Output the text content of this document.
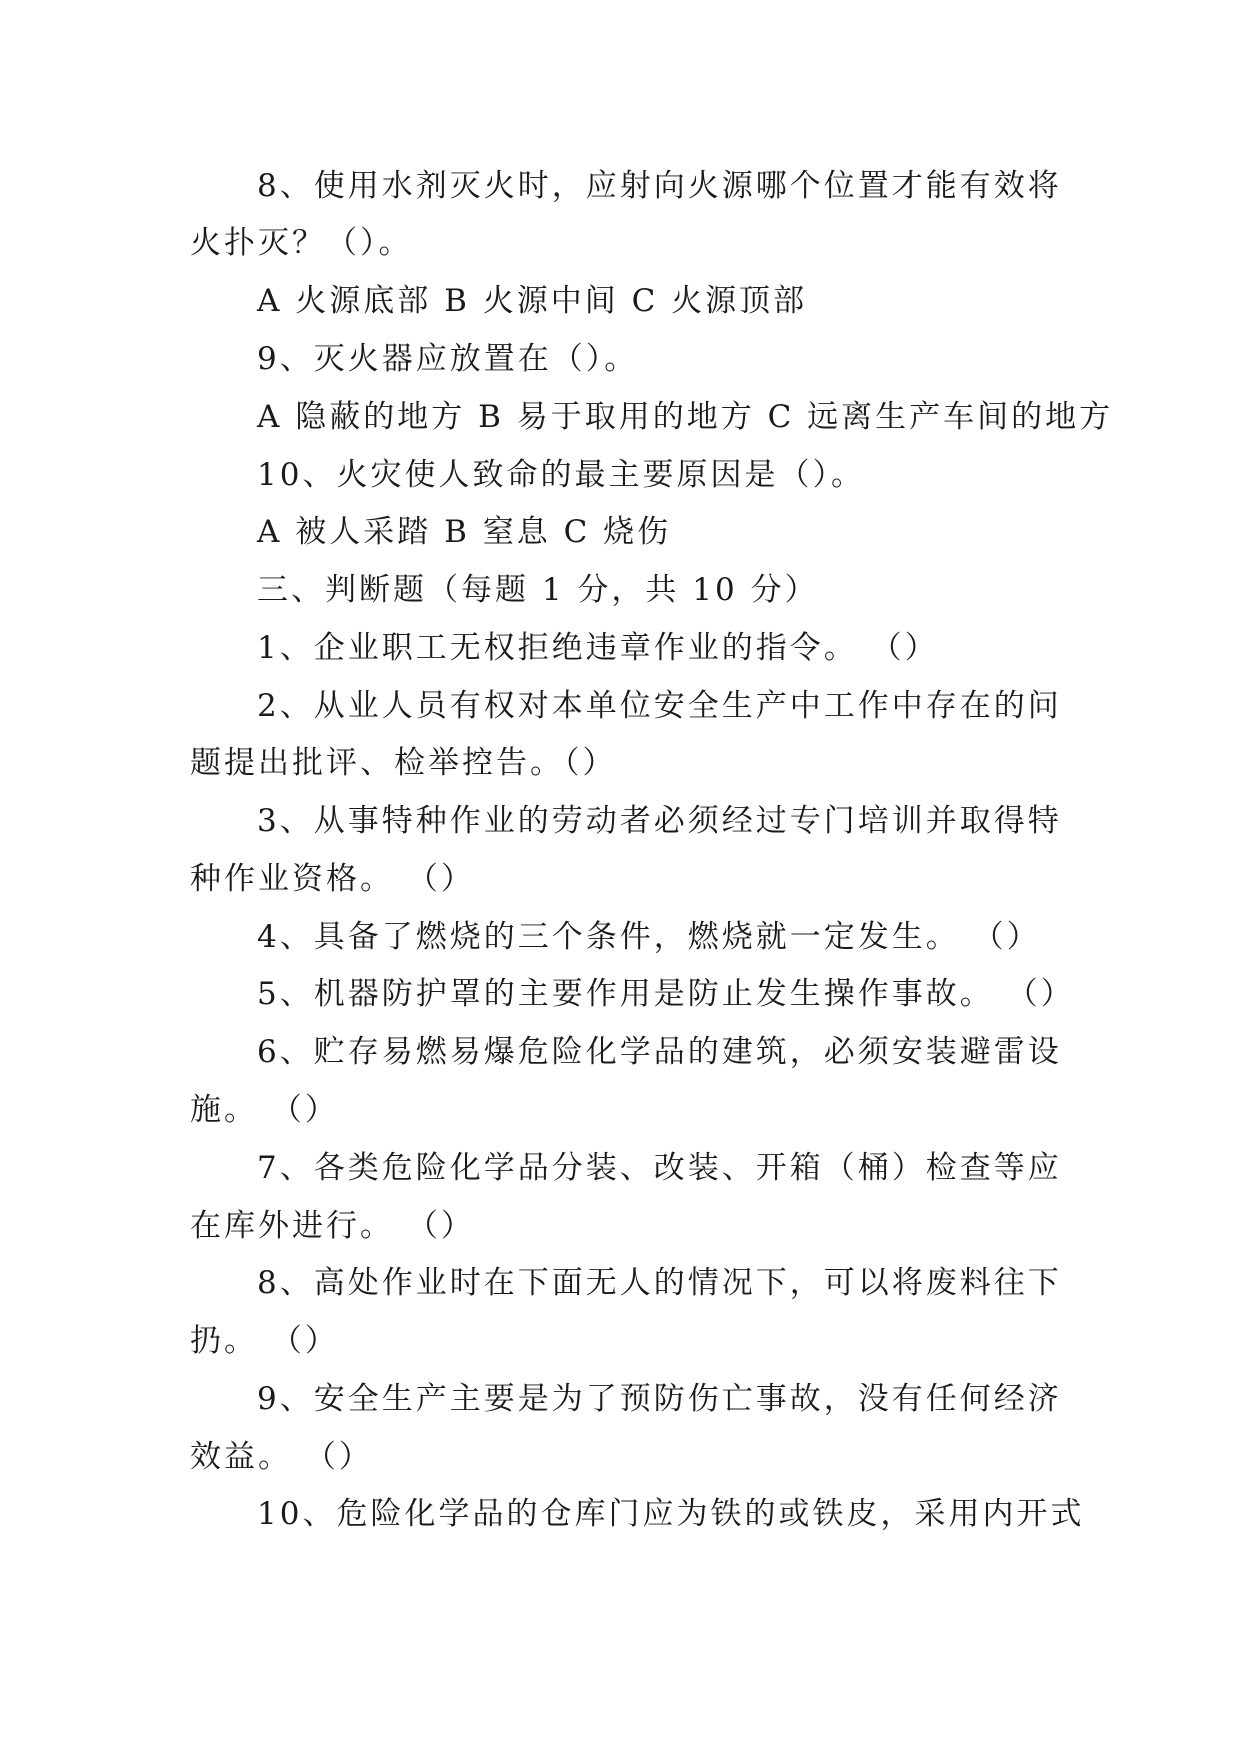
8、使用水剂灭火时，应射向火源哪个位置才能有效将
火扑灭？（）。
A 火源底部 B 火源中间 C 火源顶部
9、灭火器应放置在（）。
A 隐蔽的地方 B 易于取用的地方 C 远离生产车间的地方
10、火灾使人致命的最主要原因是（）。
A 被人采踏 B 窒息 C 烧伤
三、判断题（每题 1 分，共 10 分）
1、企业职工无权拒绝违章作业的指令。 （）
2、从业人员有权对本单位安全生产中工作中存在的问
题提出批评、检举控告。（）
3、从事特种作业的劳动者必须经过专门培训并取得特
种作业资格。 （）
4、具备了燃烧的三个条件，燃烧就一定发生。 （）
5、机器防护罩的主要作用是防止发生操作事故。 （）
6、贮存易燃易爆危险化学品的建筑，必须安装避雷设
施。 （）
7、各类危险化学品分装、改装、开箱（桶）检查等应
在库外进行。 （）
8、高处作业时在下面无人的情况下，可以将废料往下
扔。 （）
9、安全生产主要是为了预防伤亡事故，没有任何经济
效益。 （）
10、危险化学品的仓库门应为铁的或铁皮，采用内开式
